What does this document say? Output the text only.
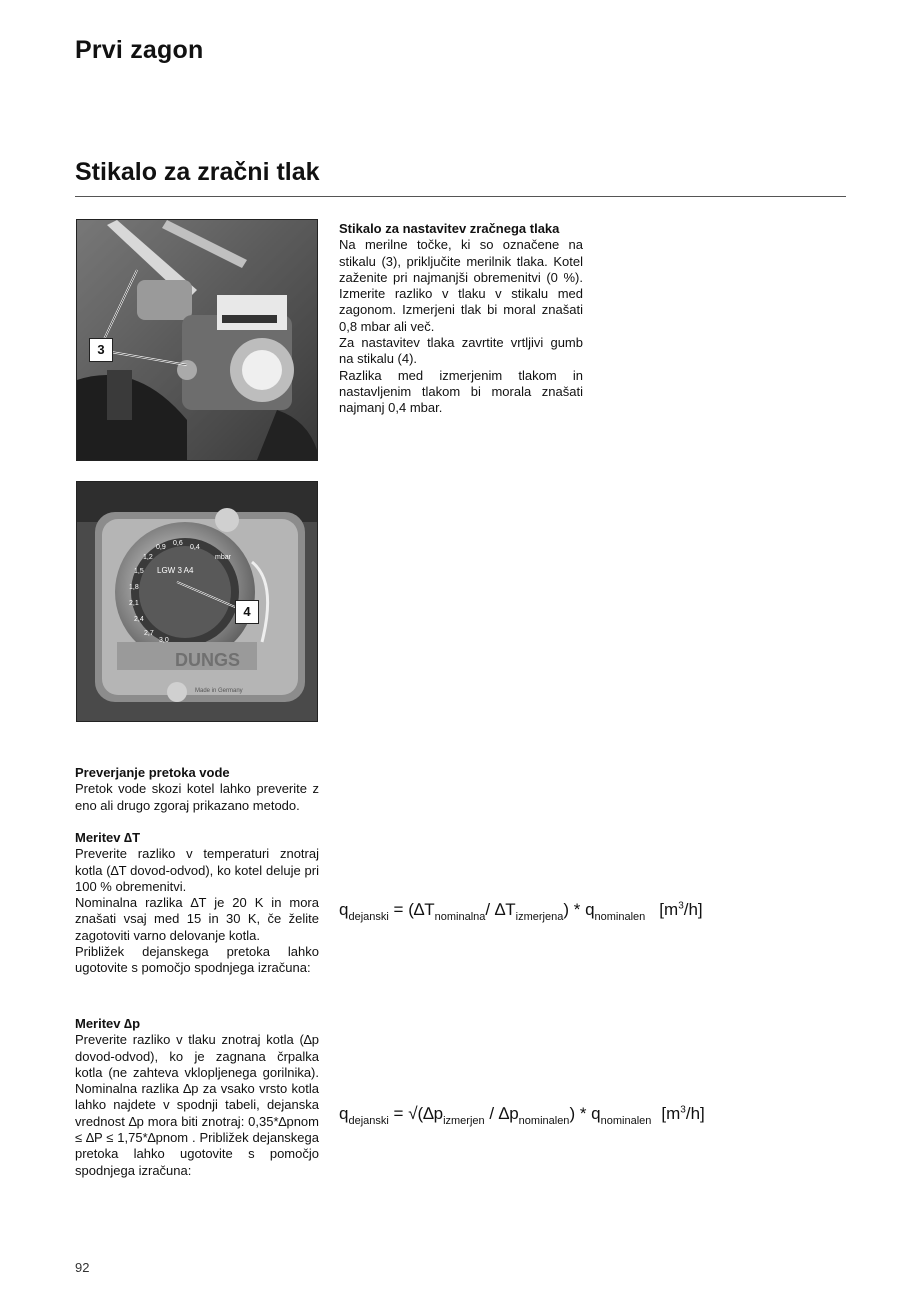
Prvi zagon
Stikalo za zračni tlak
3
0,4
0,6
0,9
1,2
1,5
1,8
2,1
2,4
2,7
3,0
mbar
LGW 3 A4
DUNGS
Made in Germany
4

Stikalo za nastavitev zračnega tlaka

Na merilne točke, ki so označene na stikalu (3), priključite merilnik tlaka. Kotel zaženite pri najmanjši obremenitvi (0 %). Izmerite razliko v tlaku v stikalu med zagonom. Izmerjeni tlak bi moral znašati 0,8 mbar ali več.

Za nastavitev tlaka zavrtite vrtljivi gumb na stikalu (4).

Razlika med izmerjenim tlakom in nastavljenim tlakom bi morala znašati najmanj 0,4 mbar.

Preverjanje pretoka vode

Pretok vode skozi kotel lahko preverite z eno ali drugo zgoraj prikazano metodo.

Meritev ∆T

Preverite razliko v temperaturi znotraj kotla (∆T dovod-odvod), ko kotel deluje pri 100 % obremenitvi.

Nominalna razlika ∆T je 20 K in mora znašati vsaj med 15 in 30 K, če želite zagotoviti varno delovanje kotla.

Približek dejanskega pretoka lahko ugotovite s pomočjo spodnjega izračuna:

Meritev ∆p

Preverite razliko v tlaku znotraj kotla (∆p dovod-odvod), ko je zagnana črpalka kotla (ne zahteva vklopljenega gorilnika). Nominalna razlika ∆p za vsako vrsto kotla lahko najdete v spodnji tabeli, dejanska vrednost ∆p mora biti znotraj: 0,35*∆pnom ≤ ∆P ≤ 1,75*∆pnom . Približek dejanskega pretoka lahko ugotovite s pomočjo spodnjega izračuna:

$q_{dejanski} = (\Delta T_{nominalna}/$ $\Delta T_{izmerjena}) * q_{nominalen}$ $[m^3/h]$
$q_{dejanski} = √(\Delta p_{izmerjen} / \Delta p_{nominalen}) * q_{nominalen}$ $[m^3/h]$
92
